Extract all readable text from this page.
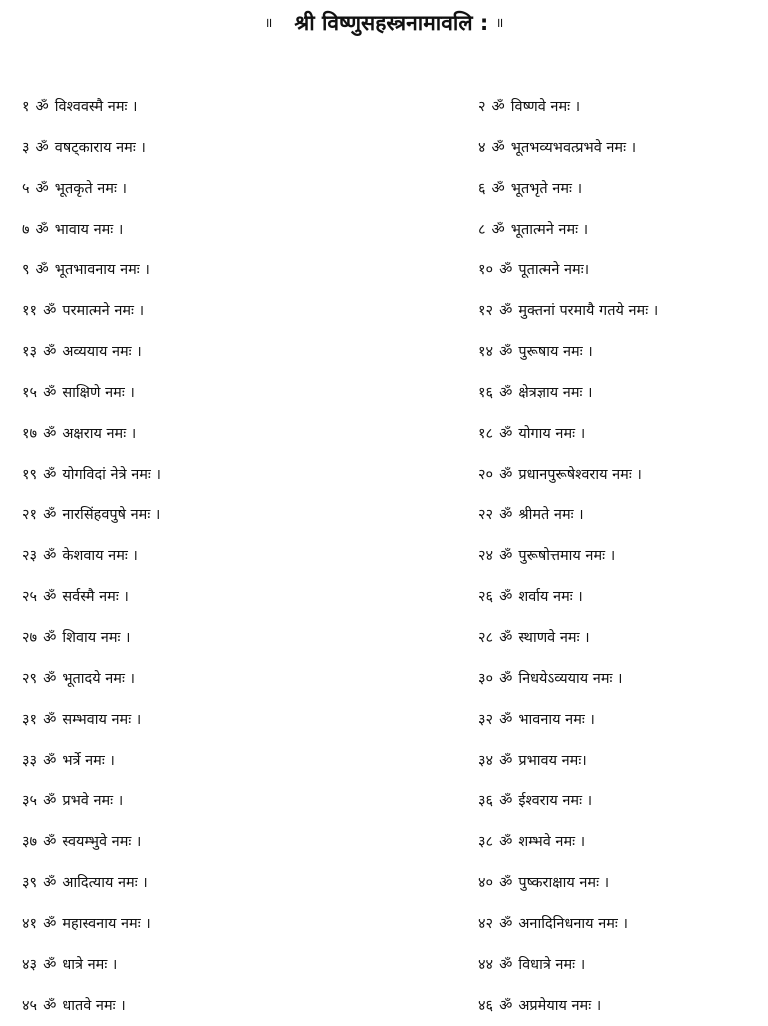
॥ श्री विष्णुसहस्त्रनामावलि : ॥
१ ॐ विश्ववस्मै नमः ।
३ ॐ वषट्काराय नमः ।
५ ॐ भूतकृते नमः ।
७ ॐ भावाय नमः ।
९ ॐ भूतभावनाय नमः ।
११ ॐ परमात्मने नमः ।
१३ ॐ अव्ययाय नमः ।
१५ ॐ साक्षिणे नमः ।
१७ ॐ अक्षराय नमः ।
१९ ॐ योगविदां नेत्रे नमः ।
२१ ॐ नारसिंहवपुषे नमः ।
२३ ॐ केशवाय नमः ।
२५ ॐ सर्वस्मै नमः ।
२७ ॐ शिवाय नमः ।
२९ ॐ भूतादये नमः ।
३१ ॐ सम्भवाय नमः ।
३३ ॐ भर्त्रे नमः ।
३५ ॐ प्रभवे नमः ।
३७ ॐ स्वयम्भुवे नमः ।
३९ ॐ आदित्याय नमः ।
४१ ॐ महास्वनाय नमः ।
४३ ॐ धात्रे नमः ।
४५ ॐ धातवे नमः ।
२ ॐ विष्णवे नमः ।
४ ॐ भूतभव्यभवत्प्रभवे नमः ।
६ ॐ भूतभृते नमः ।
८ ॐ भूतात्मने नमः ।
१० ॐ पूतात्मने नमः।
१२ ॐ मुक्तनां परमायै गतये नमः ।
१४ ॐ पुरूषाय नमः ।
१६ ॐ क्षेत्रज्ञाय नमः ।
१८ ॐ योगाय नमः ।
२० ॐ प्रधानपुरूषेश्वराय नमः ।
२२ ॐ श्रीमते नमः ।
२४ ॐ पुरूषोत्तमाय नमः ।
२६ ॐ शर्वाय नमः ।
२८ ॐ स्थाणवे नमः ।
३० ॐ निधयेऽव्ययाय नमः ।
३२ ॐ भावनाय नमः ।
३४ ॐ प्रभावय नमः।
३६ ॐ ईश्वराय नमः ।
३८ ॐ शम्भवे नमः ।
४० ॐ पुष्कराक्षाय नमः ।
४२ ॐ अनादिनिधनाय नमः ।
४४ ॐ विधात्रे नमः ।
४६ ॐ अप्रमेयाय नमः ।
